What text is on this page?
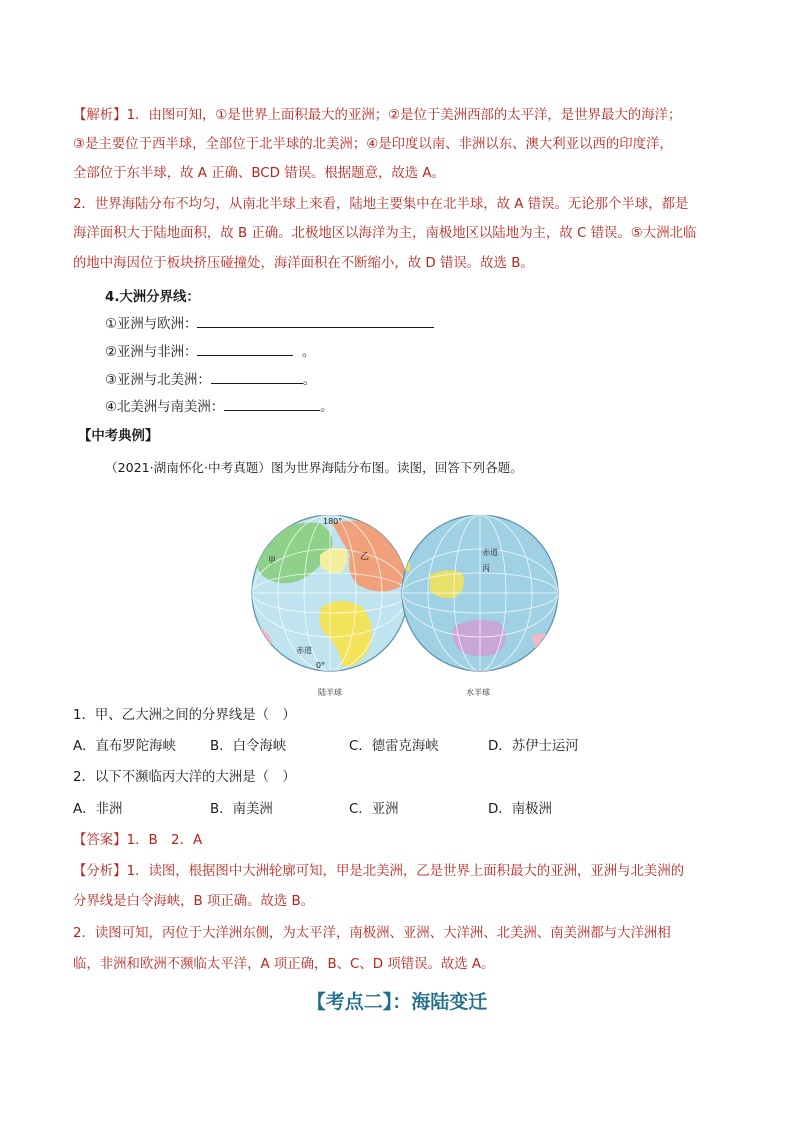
【解析】1．由图可知，①是世界上面积最大的亚洲；②是位于美洲西部的太平洋，是世界最大的海洋；
③是主要位于西半球，全部位于北半球的北美洲；④是印度以南、非洲以东、澳大利亚以西的印度洋，
全部位于东半球，故 A 正确、BCD 错误。根据题意，故选 A。
2．世界海陆分布不均匀，从南北半球上来看，陆地主要集中在北半球，故 A 错误。无论那个半球，都是
海洋面积大于陆地面积，故 B 正确。北极地区以海洋为主，南极地区以陆地为主，故 C 错误。⑤大洲北临
的地中海因位于板块挤压碰撞处，海洋面积在不断缩小，故 D 错误。故选 B。
4.大洲分界线：
①亚洲与欧洲：
②亚洲与非洲：	。
③亚洲与北美洲：	。
④北美洲与南美洲：	。
【中考典例】
（2021·湖南怀化·中考真题）图为世界海陆分布图。读图，回答下列各题。
180°
甲	乙
赤道
0°
陆半球
赤道
丙
水半球
1．甲、乙大洲之间的分界线是（　）
A．直布罗陀海峡	B．白令海峡	C．德雷克海峡	D．苏伊士运河
2．以下不濒临丙大洋的大洲是（　）
A．非洲	B．南美洲	C．亚洲	D．南极洲
【答案】1．B　2．A
【分析】1．读图，根据图中大洲轮廓可知，甲是北美洲，乙是世界上面积最大的亚洲，亚洲与北美洲的
分界线是白令海峡，B 项正确。故选 B。
2．读图可知，丙位于大洋洲东侧，为太平洋，南极洲、亚洲、大洋洲、北美洲、南美洲都与大洋洲相
临，非洲和欧洲不濒临太平洋，A 项正确，B、C、D 项错误。故选 A。
【考点二】：海陆变迁
